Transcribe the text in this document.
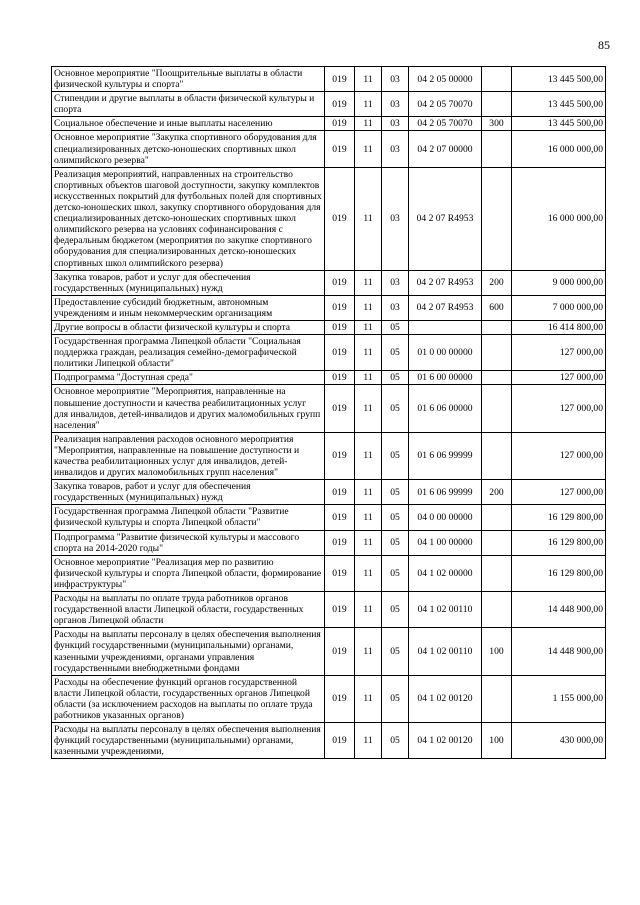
85
Основное мероприятие "Поощрительные выплаты в области физической культуры и спорта"	019	11	03	04 2 05 00000		13 445 500,00
Стипендии и другие выплаты в области физической культуры и спорта	019	11	03	04 2 05 70070		13 445 500,00
Социальное обеспечение и иные выплаты населению	019	11	03	04 2 05 70070	300	13 445 500,00
Основное мероприятие "Закупка спортивного оборудования для специализированных детско-юношеских спортивных школ олимпийского резерва"	019	11	03	04 2 07 00000		16 000 000,00
Реализация мероприятий, направленных на строительство спортивных объектов шаговой доступности, закупку комплектов искусственных покрытий для футбольных полей для спортивных детско-юношеских школ, закупку спортивного оборудования для специализированных детско-юношеских спортивных школ олимпийского резерва на условиях софинансирования с федеральным бюджетом (мероприятия по закупке спортивного оборудования для специализированных детско-юношеских спортивных школ олимпийского резерва)	019	11	03	04 2 07 R4953		16 000 000,00
Закупка товаров, работ и услуг для обеспечения государственных (муниципальных) нужд	019	11	03	04 2 07 R4953	200	9 000 000,00
Предоставление субсидий бюджетным, автономным учреждениям и иным некоммерческим организациям	019	11	03	04 2 07 R4953	600	7 000 000,00
Другие вопросы в области физической культуры и спорта	019	11	05			16 414 800,00
Государственная программа Липецкой области "Социальная поддержка граждан, реализация семейно-демографической политики Липецкой области"	019	11	05	01 0 00 00000		127 000,00
Подпрограмма "Доступная среда"	019	11	05	01 6 00 00000		127 000,00
Основное мероприятие "Мероприятия, направленные на повышение доступности и качества реабилитационных услуг для инвалидов, детей-инвалидов и других маломобильных групп населения"	019	11	05	01 6 06 00000		127 000,00
Реализация направления расходов основного мероприятия "Мероприятия, направленные на повышение доступности и качества реабилитационных услуг для инвалидов, детей-инвалидов и других маломобильных групп населения"	019	11	05	01 6 06 99999		127 000,00
Закупка товаров, работ и услуг для обеспечения государственных (муниципальных) нужд	019	11	05	01 6 06 99999	200	127 000,00
Государственная программа Липецкой области "Развитие физической культуры и спорта Липецкой области"	019	11	05	04 0 00 00000		16 129 800,00
Подпрограмма "Развитие физической культуры и массового спорта на 2014-2020 годы"	019	11	05	04 1 00 00000		16 129 800,00
Основное мероприятие "Реализация мер по развитию физической культуры и спорта Липецкой области, формирование инфраструктуры"	019	11	05	04 1 02 00000		16 129 800,00
Расходы на выплаты по оплате труда работников органов государственной власти Липецкой области, государственных органов Липецкой области	019	11	05	04 1 02 00110		14 448 900,00
Расходы на выплаты персоналу в целях обеспечения выполнения функций государственными (муниципальными) органами, казенными учреждениями, органами управления государственными внебюджетными фондами	019	11	05	04 1 02 00110	100	14 448 900,00
Расходы на обеспечение функций органов государственной власти Липецкой области, государственных органов Липецкой области (за исключением расходов на выплаты по оплате труда работников указанных органов)	019	11	05	04 1 02 00120		1 155 000,00
Расходы на выплаты персоналу в целях обеспечения выполнения функций государственными (муниципальными) органами, казенными учреждениями,	019	11	05	04 1 02 00120	100	430 000,00
